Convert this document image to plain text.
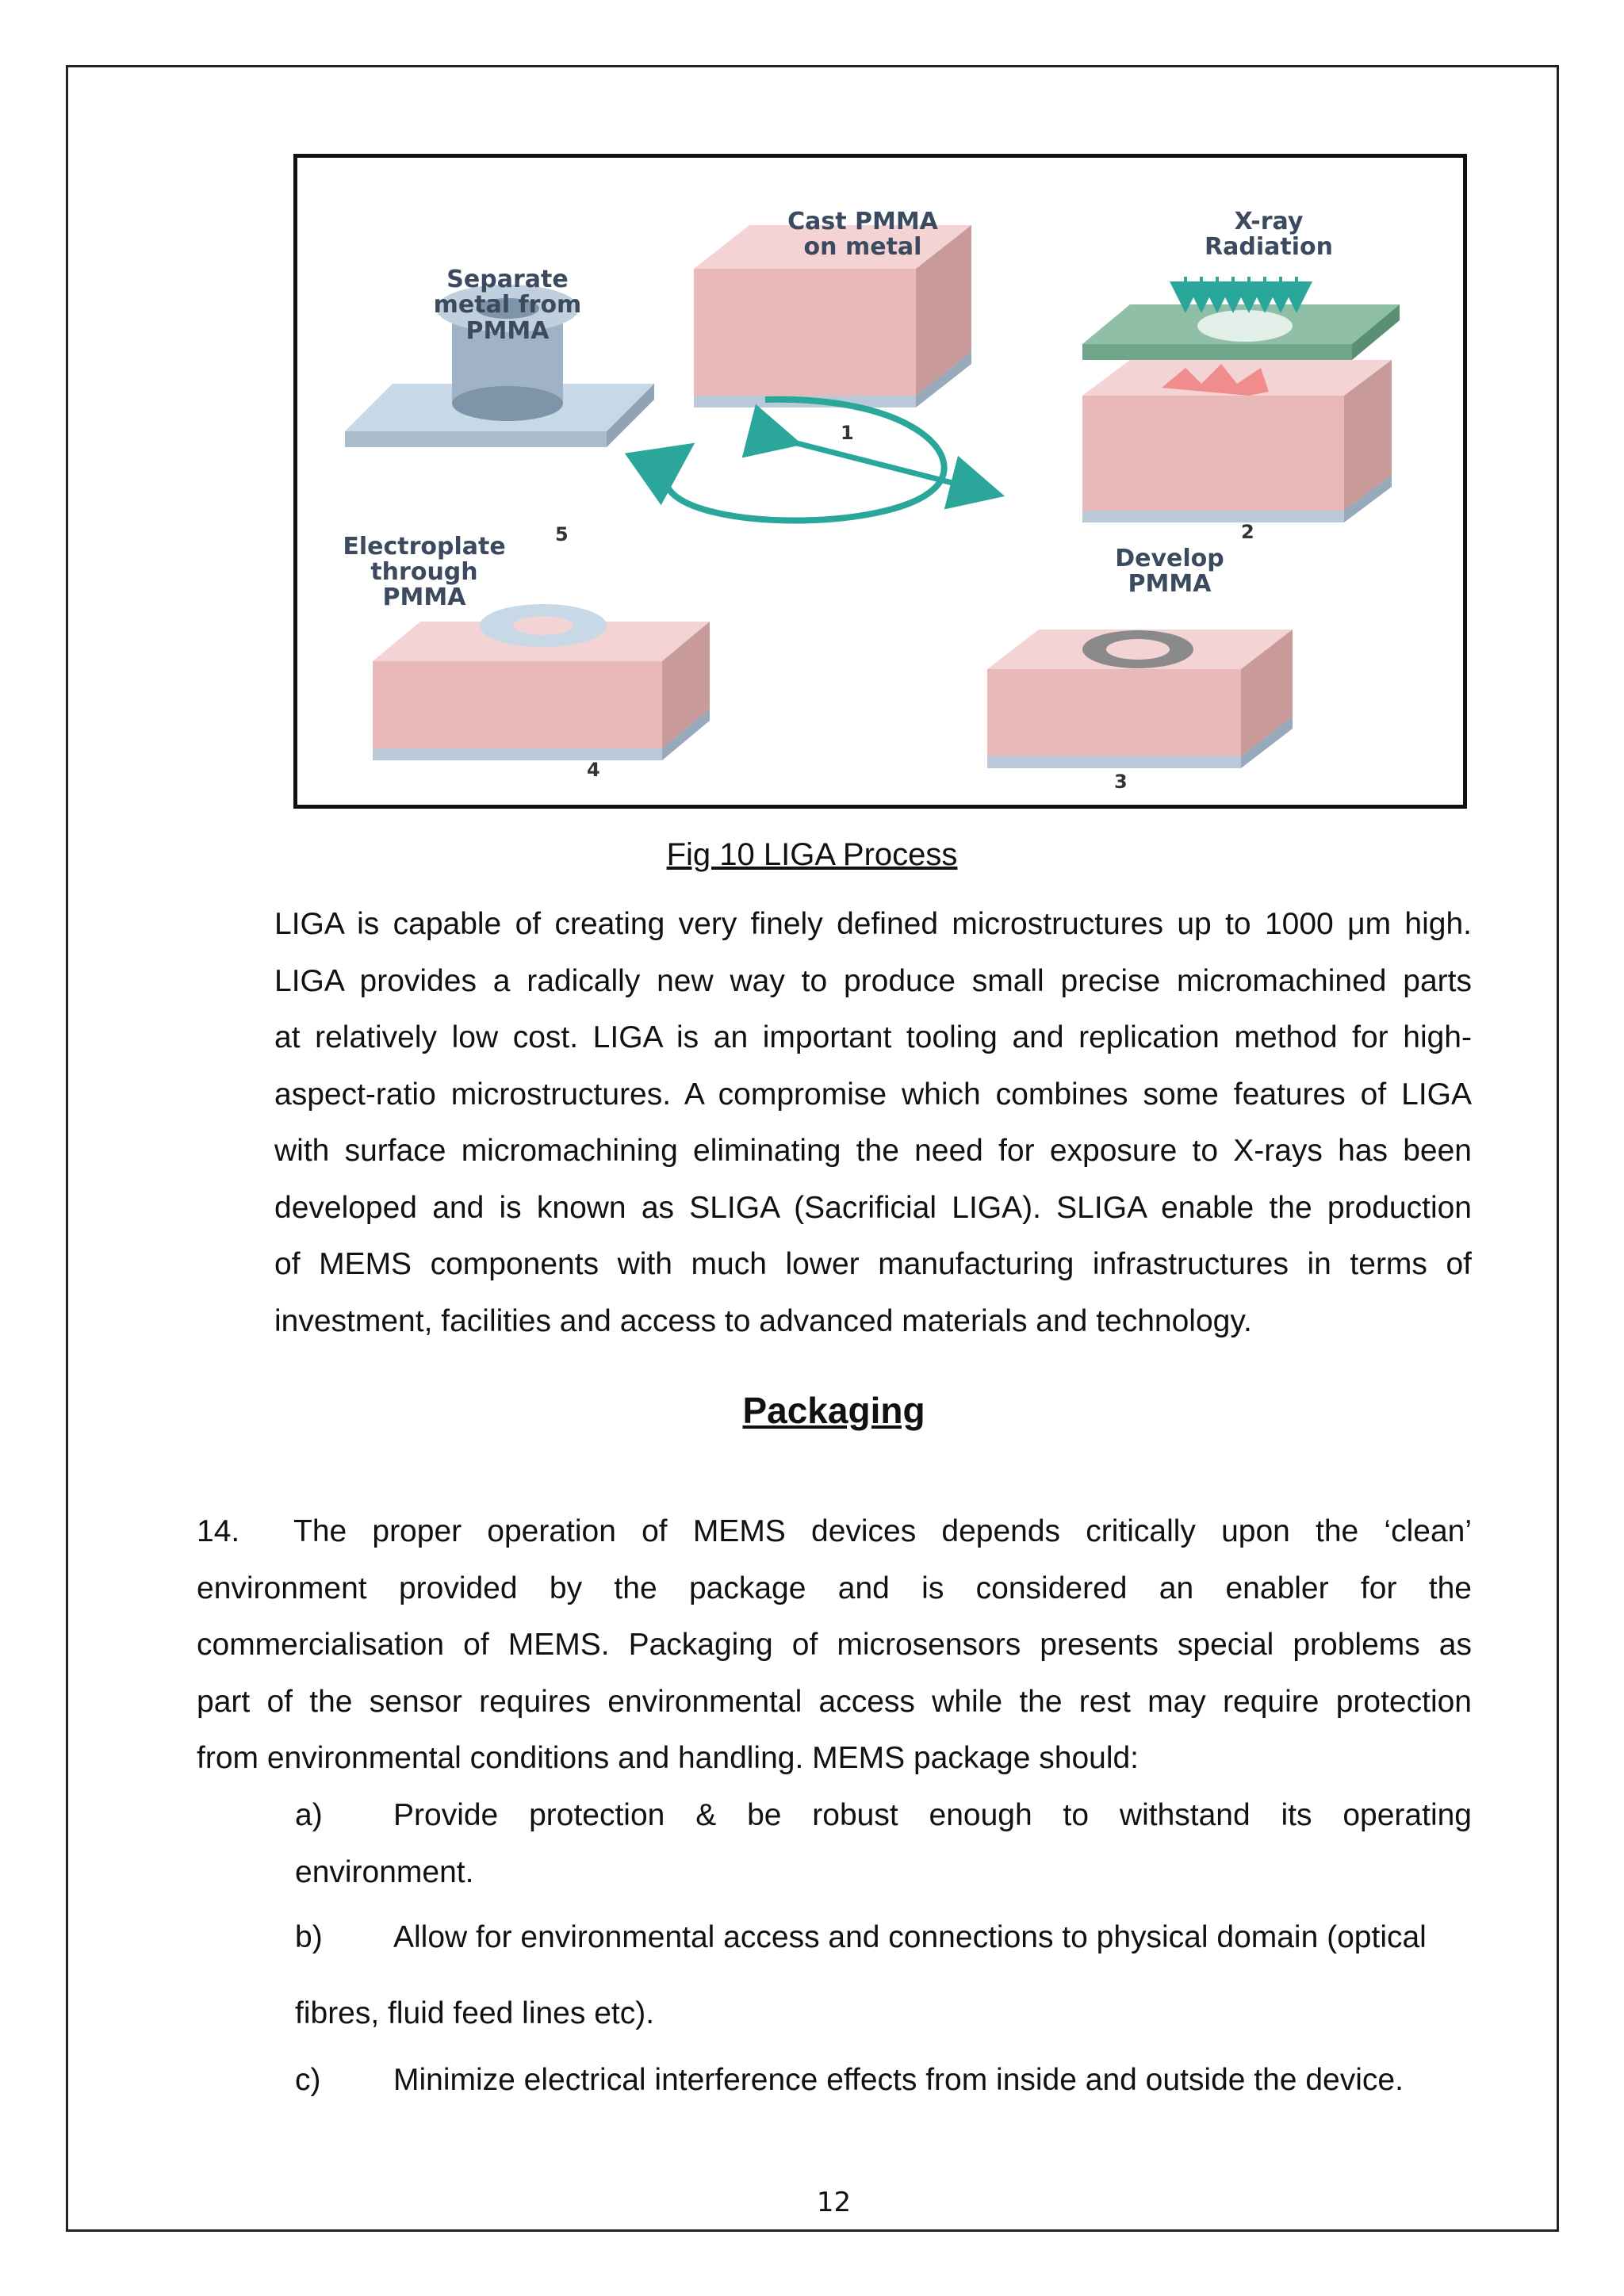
Cast PMMA
on metal
X-ray
Radiation
Separate
metal from
PMMA
Electroplate
through
PMMA
Develop
PMMA
1
2
3
4
5
Fig 10 LIGA Process
LIGA is capable of creating very finely defined microstructures up to 1000 μm high.
LIGA provides a radically new way to produce small precise micromachined parts
at relatively low cost. LIGA is an important tooling and replication method for high-
aspect-ratio microstructures. A compromise which combines some features of LIGA
with surface micromachining eliminating the need for exposure to X-rays has been
developed and is known as SLIGA (Sacrificial LIGA). SLIGA enable the production
of MEMS components with much lower manufacturing infrastructures in terms of
investment, facilities and access to advanced materials and technology.
Packaging
14. The proper operation of MEMS devices depends critically upon the ‘clean’
environment provided by the package and is considered an enabler for the
commercialisation of MEMS. Packaging of microsensors presents special problems as
part of the sensor requires environmental access while the rest may require protection
from environmental conditions and handling. MEMS package should:
a) Provide protection & be robust enough to withstand its operating
environment.
b) Allow for environmental access and connections to physical domain (optical
fibres, fluid feed lines etc).
c) Minimize electrical interference effects from inside and outside the device.
12
